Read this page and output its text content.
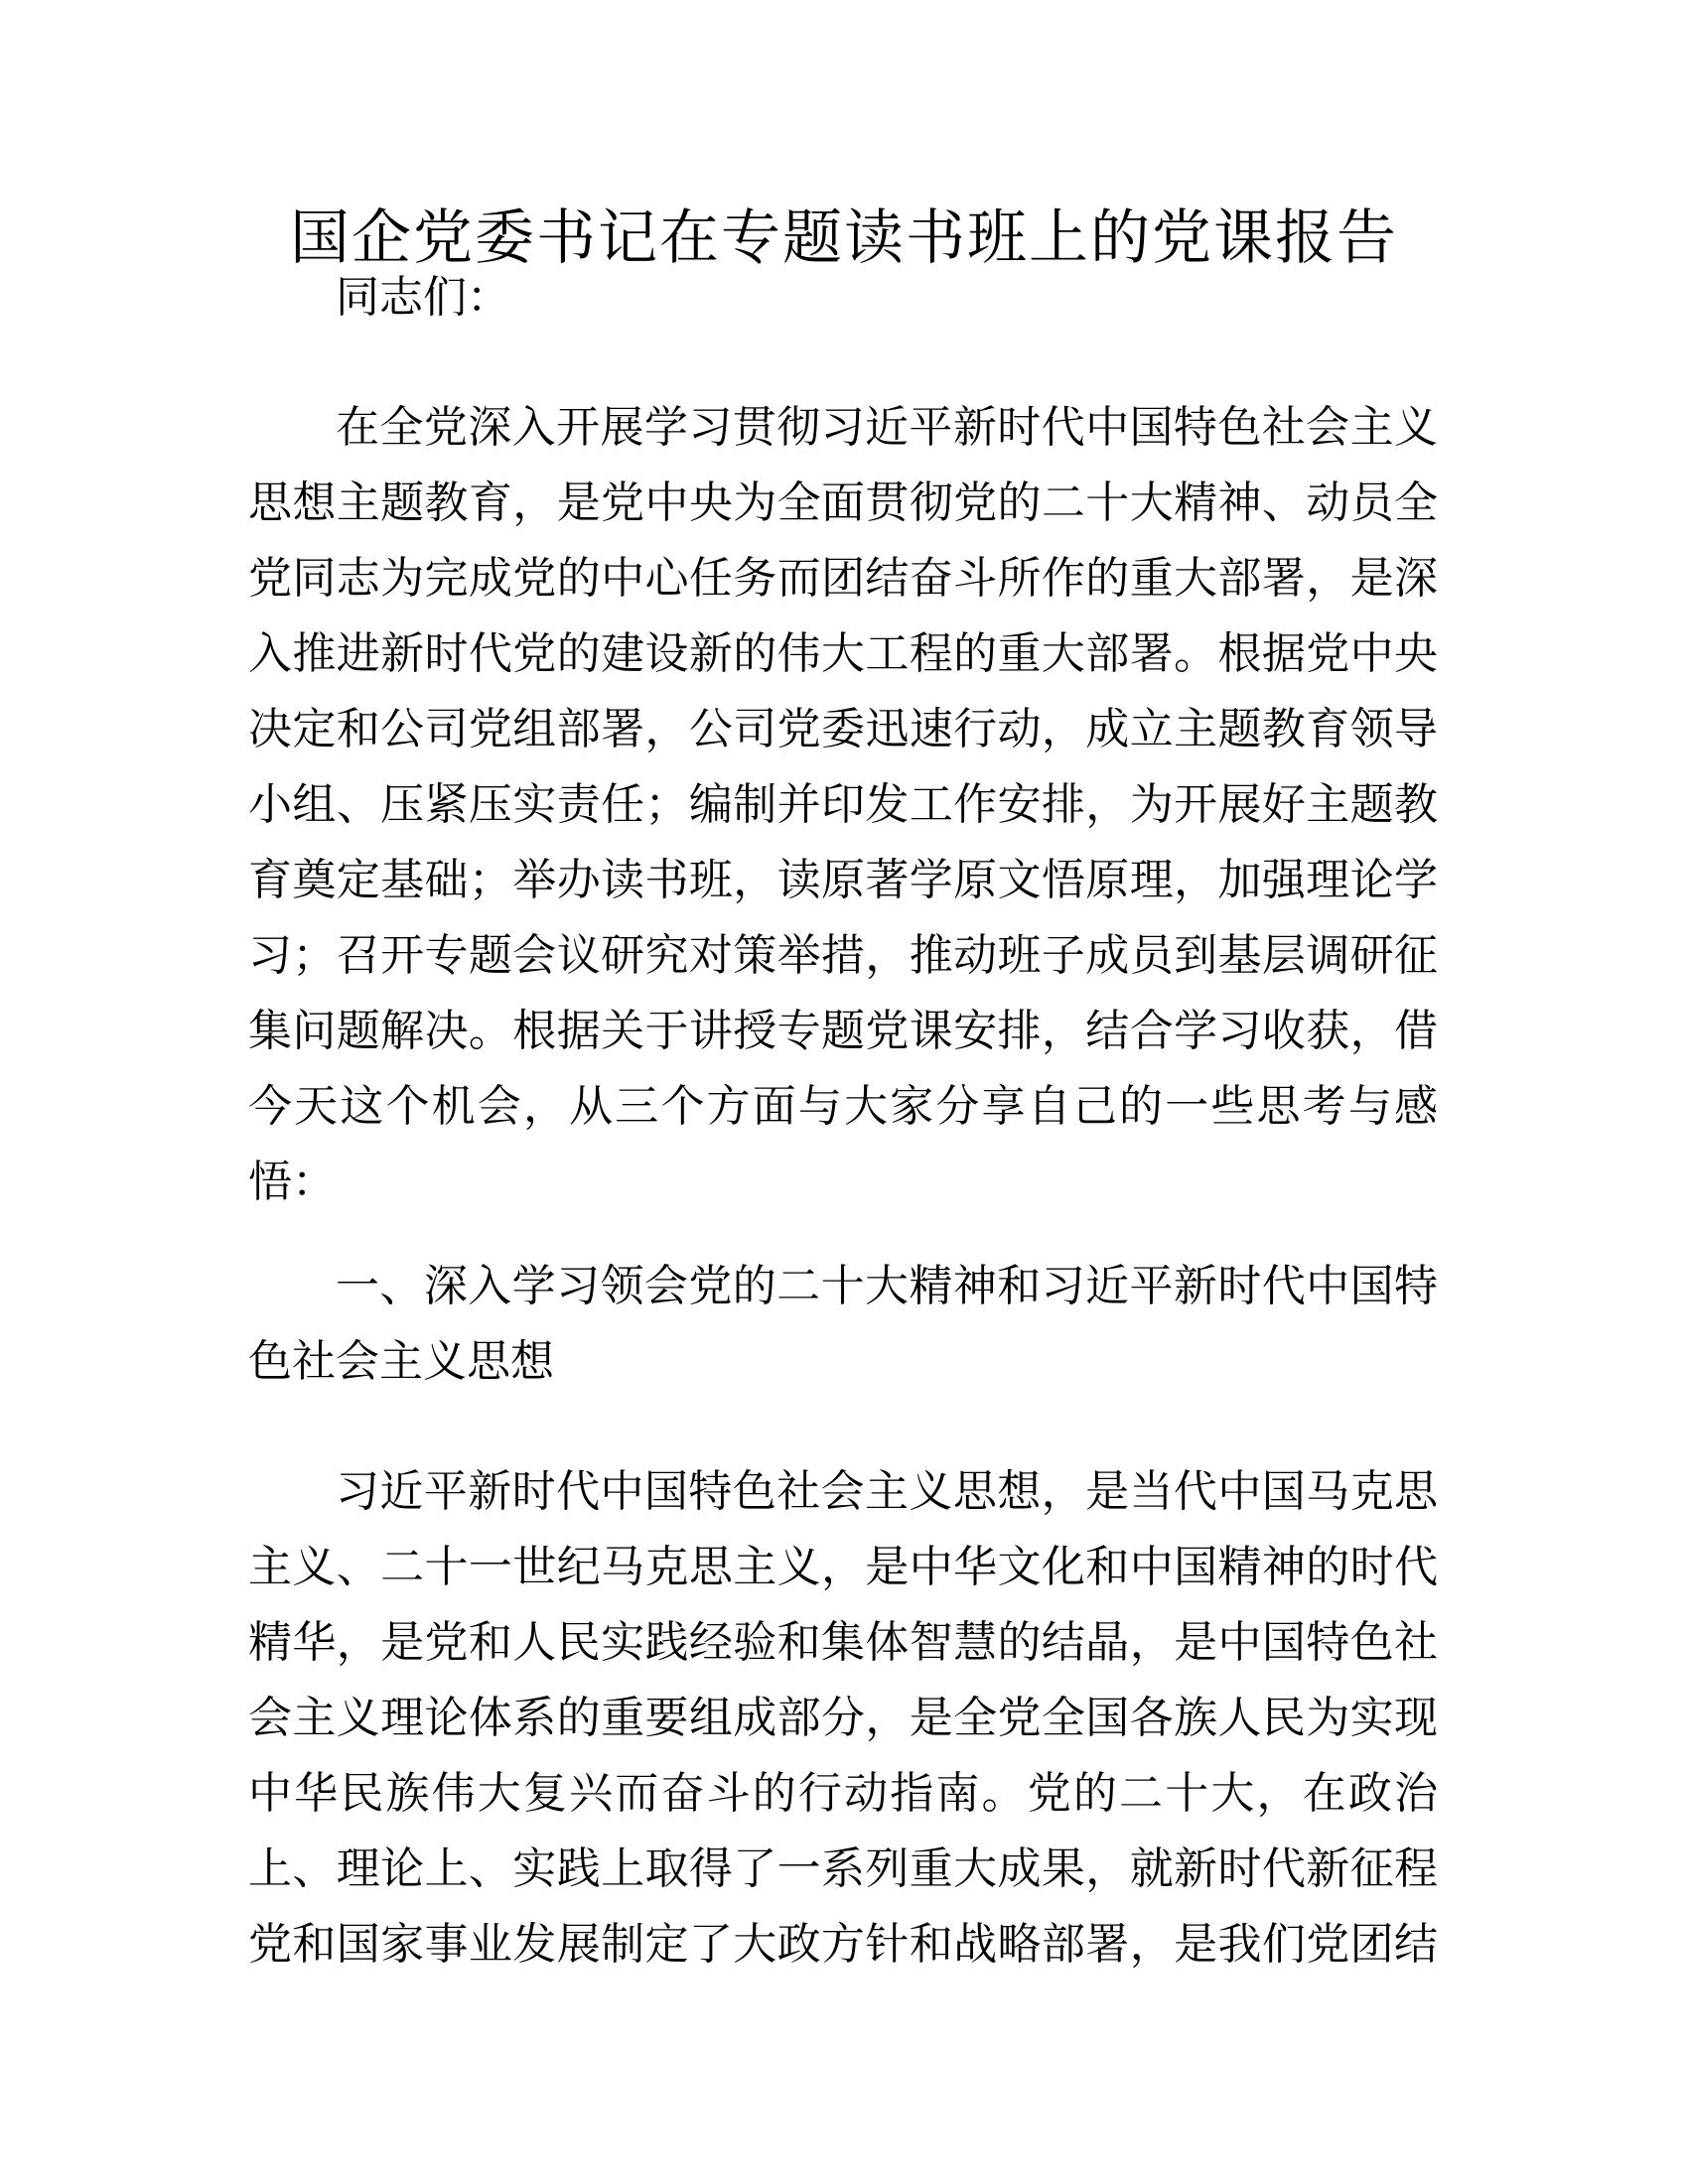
国企党委书记在专题读书班上的党课报告
同志们：
在全党深入开展学习贯彻习近平新时代中国特色社会主义
思想主题教育，是党中央为全面贯彻党的二十大精神、动员全
党同志为完成党的中心任务而团结奋斗所作的重大部署，是深
入推进新时代党的建设新的伟大工程的重大部署。根据党中央
决定和公司党组部署，公司党委迅速行动，成立主题教育领导
小组、压紧压实责任；编制并印发工作安排，为开展好主题教
育奠定基础；举办读书班，读原著学原文悟原理，加强理论学
习；召开专题会议研究对策举措，推动班子成员到基层调研征
集问题解决。根据关于讲授专题党课安排，结合学习收获，借
今天这个机会，从三个方面与大家分享自己的一些思考与感
悟：
一、深入学习领会党的二十大精神和习近平新时代中国特
色社会主义思想
习近平新时代中国特色社会主义思想，是当代中国马克思
主义、二十一世纪马克思主义，是中华文化和中国精神的时代
精华，是党和人民实践经验和集体智慧的结晶，是中国特色社
会主义理论体系的重要组成部分，是全党全国各族人民为实现
中华民族伟大复兴而奋斗的行动指南。党的二十大，在政治
上、理论上、实践上取得了一系列重大成果，就新时代新征程
党和国家事业发展制定了大政方针和战略部署，是我们党团结
